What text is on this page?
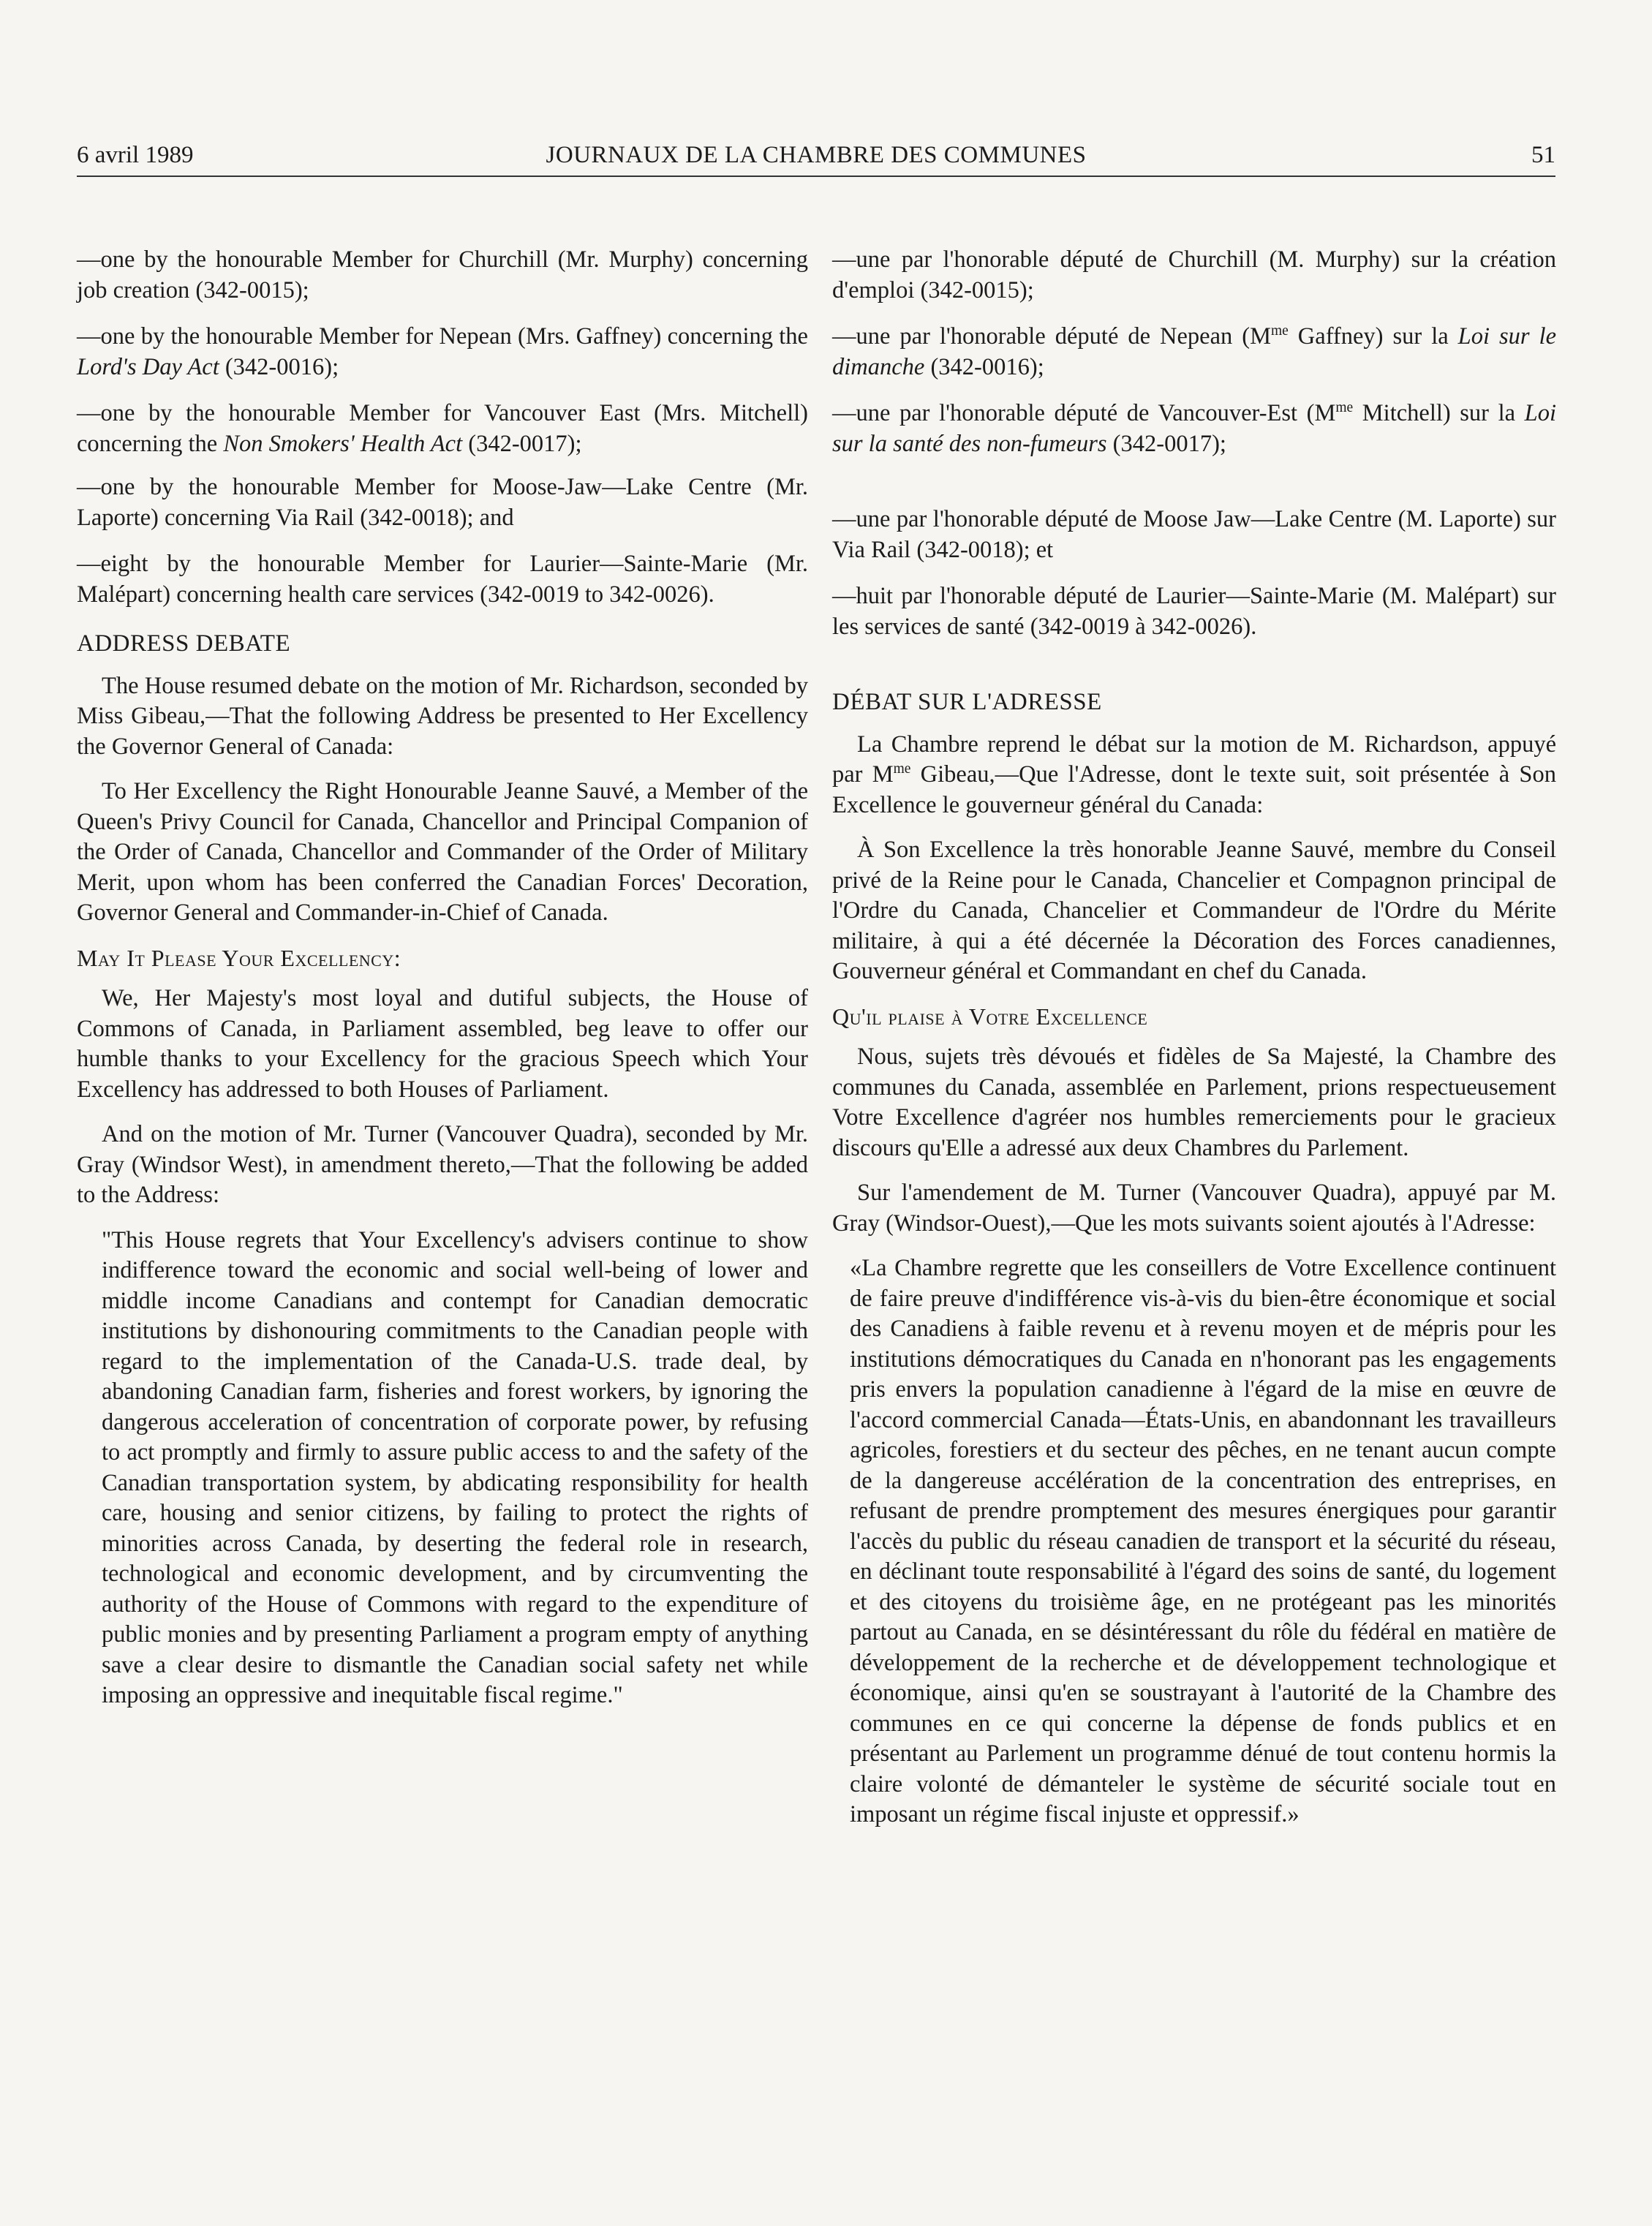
6 avril 1989	JOURNAUX DE LA CHAMBRE DES COMMUNES	51

—one by the honourable Member for Churchill (Mr. Murphy) concerning job creation (342-0015);

—one by the honourable Member for Nepean (Mrs. Gaffney) concerning the Lord's Day Act (342-0016);

—one by the honourable Member for Vancouver East (Mrs. Mitchell) concerning the Non Smokers' Health Act (342-0017);

—one by the honourable Member for Moose-Jaw—Lake Centre (Mr. Laporte) concerning Via Rail (342-0018); and

—eight by the honourable Member for Laurier—Sainte-Marie (Mr. Malépart) concerning health care services (342-0019 to 342-0026).

ADDRESS DEBATE

The House resumed debate on the motion of Mr. Richardson, seconded by Miss Gibeau,—That the following Address be presented to Her Excellency the Governor General of Canada:

To Her Excellency the Right Honourable Jeanne Sauvé, a Member of the Queen's Privy Council for Canada, Chancellor and Principal Companion of the Order of Canada, Chancellor and Commander of the Order of Military Merit, upon whom has been conferred the Canadian Forces' Decoration, Governor General and Commander-in-Chief of Canada.

May It Please Your Excellency:

We, Her Majesty's most loyal and dutiful subjects, the House of Commons of Canada, in Parliament assembled, beg leave to offer our humble thanks to your Excellency for the gracious Speech which Your Excellency has addressed to both Houses of Parliament.

And on the motion of Mr. Turner (Vancouver Quadra), seconded by Mr. Gray (Windsor West), in amendment thereto,—That the following be added to the Address:

"This House regrets that Your Excellency's advisers continue to show indifference toward the economic and social well-being of lower and middle income Canadians and contempt for Canadian democratic institutions by dishonouring commitments to the Canadian people with regard to the implementation of the Canada-U.S. trade deal, by abandoning Canadian farm, fisheries and forest workers, by ignoring the dangerous acceleration of concentration of corporate power, by refusing to act promptly and firmly to assure public access to and the safety of the Canadian transportation system, by abdicating responsibility for health care, housing and senior citizens, by failing to protect the rights of minorities across Canada, by deserting the federal role in research, technological and economic development, and by circumventing the authority of the House of Commons with regard to the expenditure of public monies and by presenting Parliament a program empty of anything save a clear desire to dismantle the Canadian social safety net while imposing an oppressive and inequitable fiscal regime."

—une par l'honorable député de Churchill (M. Murphy) sur la création d'emploi (342-0015);

—une par l'honorable député de Nepean ($M^{me}$ Gaffney) sur la Loi sur le dimanche (342-0016);

—une par l'honorable député de Vancouver-Est ($M^{me}$ Mitchell) sur la Loi sur la santé des non-fumeurs (342-0017);

—une par l'honorable député de Moose Jaw—Lake Centre (M. Laporte) sur Via Rail (342-0018); et

—huit par l'honorable député de Laurier—Sainte-Marie (M. Malépart) sur les services de santé (342-0019 à 342-0026).

DÉBAT SUR L'ADRESSE

La Chambre reprend le débat sur la motion de M. Richardson, appuyé par $M^{me}$ Gibeau,—Que l'Adresse, dont le texte suit, soit présentée à Son Excellence le gouverneur général du Canada:

À Son Excellence la très honorable Jeanne Sauvé, membre du Conseil privé de la Reine pour le Canada, Chancelier et Compagnon principal de l'Ordre du Canada, Chancelier et Commandeur de l'Ordre du Mérite militaire, à qui a été décernée la Décoration des Forces canadiennes, Gouverneur général et Commandant en chef du Canada.

Qu'il plaise à Votre Excellence

Nous, sujets très dévoués et fidèles de Sa Majesté, la Chambre des communes du Canada, assemblée en Parlement, prions respectueusement Votre Excellence d'agréer nos humbles remerciements pour le gracieux discours qu'Elle a adressé aux deux Chambres du Parlement.

Sur l'amendement de M. Turner (Vancouver Quadra), appuyé par M. Gray (Windsor-Ouest),—Que les mots suivants soient ajoutés à l'Adresse:

«La Chambre regrette que les conseillers de Votre Excellence continuent de faire preuve d'indifférence vis-à-vis du bien-être économique et social des Canadiens à faible revenu et à revenu moyen et de mépris pour les institutions démocratiques du Canada en n'honorant pas les engagements pris envers la population canadienne à l'égard de la mise en œuvre de l'accord commercial Canada—États-Unis, en abandonnant les travailleurs agricoles, forestiers et du secteur des pêches, en ne tenant aucun compte de la dangereuse accélération de la concentration des entreprises, en refusant de prendre promptement des mesures énergiques pour garantir l'accès du public du réseau canadien de transport et la sécurité du réseau, en déclinant toute responsabilité à l'égard des soins de santé, du logement et des citoyens du troisième âge, en ne protégeant pas les minorités partout au Canada, en se désintéressant du rôle du fédéral en matière de développement de la recherche et de développement technologique et économique, ainsi qu'en se soustrayant à l'autorité de la Chambre des communes en ce qui concerne la dépense de fonds publics et en présentant au Parlement un programme dénué de tout contenu hormis la claire volonté de démanteler le système de sécurité sociale tout en imposant un régime fiscal injuste et oppressif.»
